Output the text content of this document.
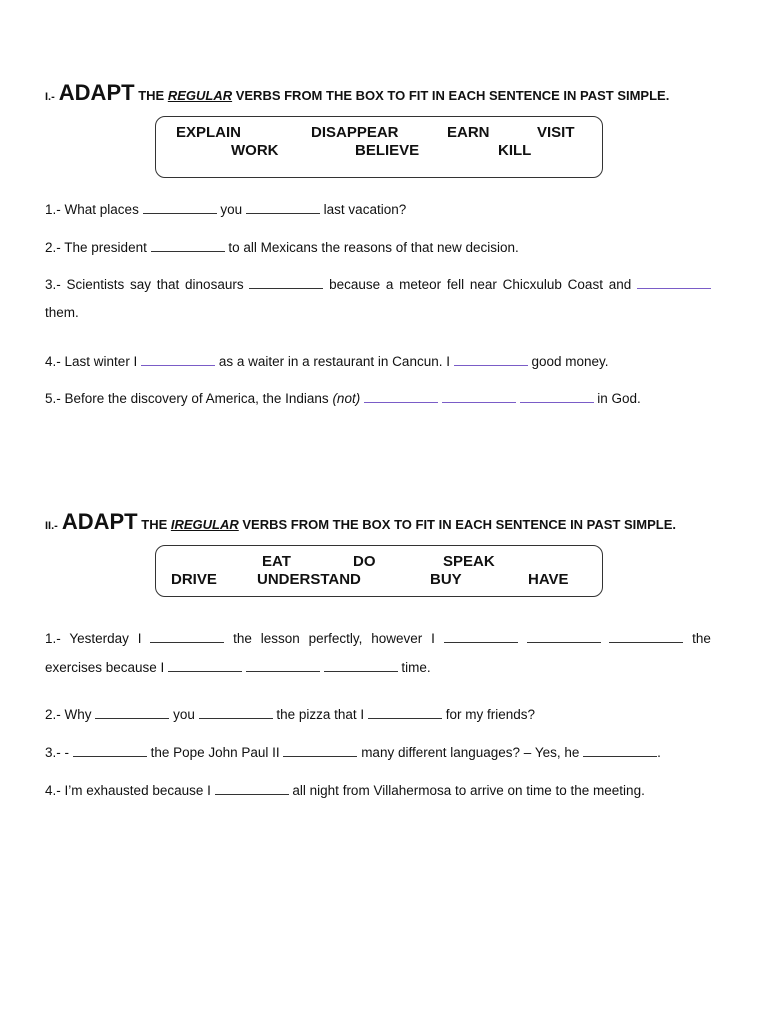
I.- ADAPT THE REGULAR VERBS FROM THE BOX TO FIT IN EACH SENTENCE IN PAST SIMPLE.
EXPLAIN	DISAPPEAR	EARN	VISIT
WORK	BELIEVE	KILL
1.- What places	you	last vacation?
2.- The president	to all Mexicans the reasons of that new decision.
3.- Scientists say that dinosaurs	because a meteor fell near Chicxulub Coast and
them.
4.- Last winter I	as a waiter in a restaurant in Cancun. I	good money.
5.- Before the discovery of America, the Indians (not)	in God.
II.- ADAPT THE IREGULAR VERBS FROM THE BOX TO FIT IN EACH SENTENCE IN PAST SIMPLE.
EAT	DO	SPEAK
DRIVE	UNDERSTAND	BUY	HAVE
1.- Yesterday I	the lesson perfectly, however I	the
exercises because I	time.
2.- Why	you	the pizza that I	for my friends?
3.- -	the Pope John Paul II	many different languages? – Yes, he	.
4.- I’m exhausted because I	all night from Villahermosa to arrive on time to the meeting.
